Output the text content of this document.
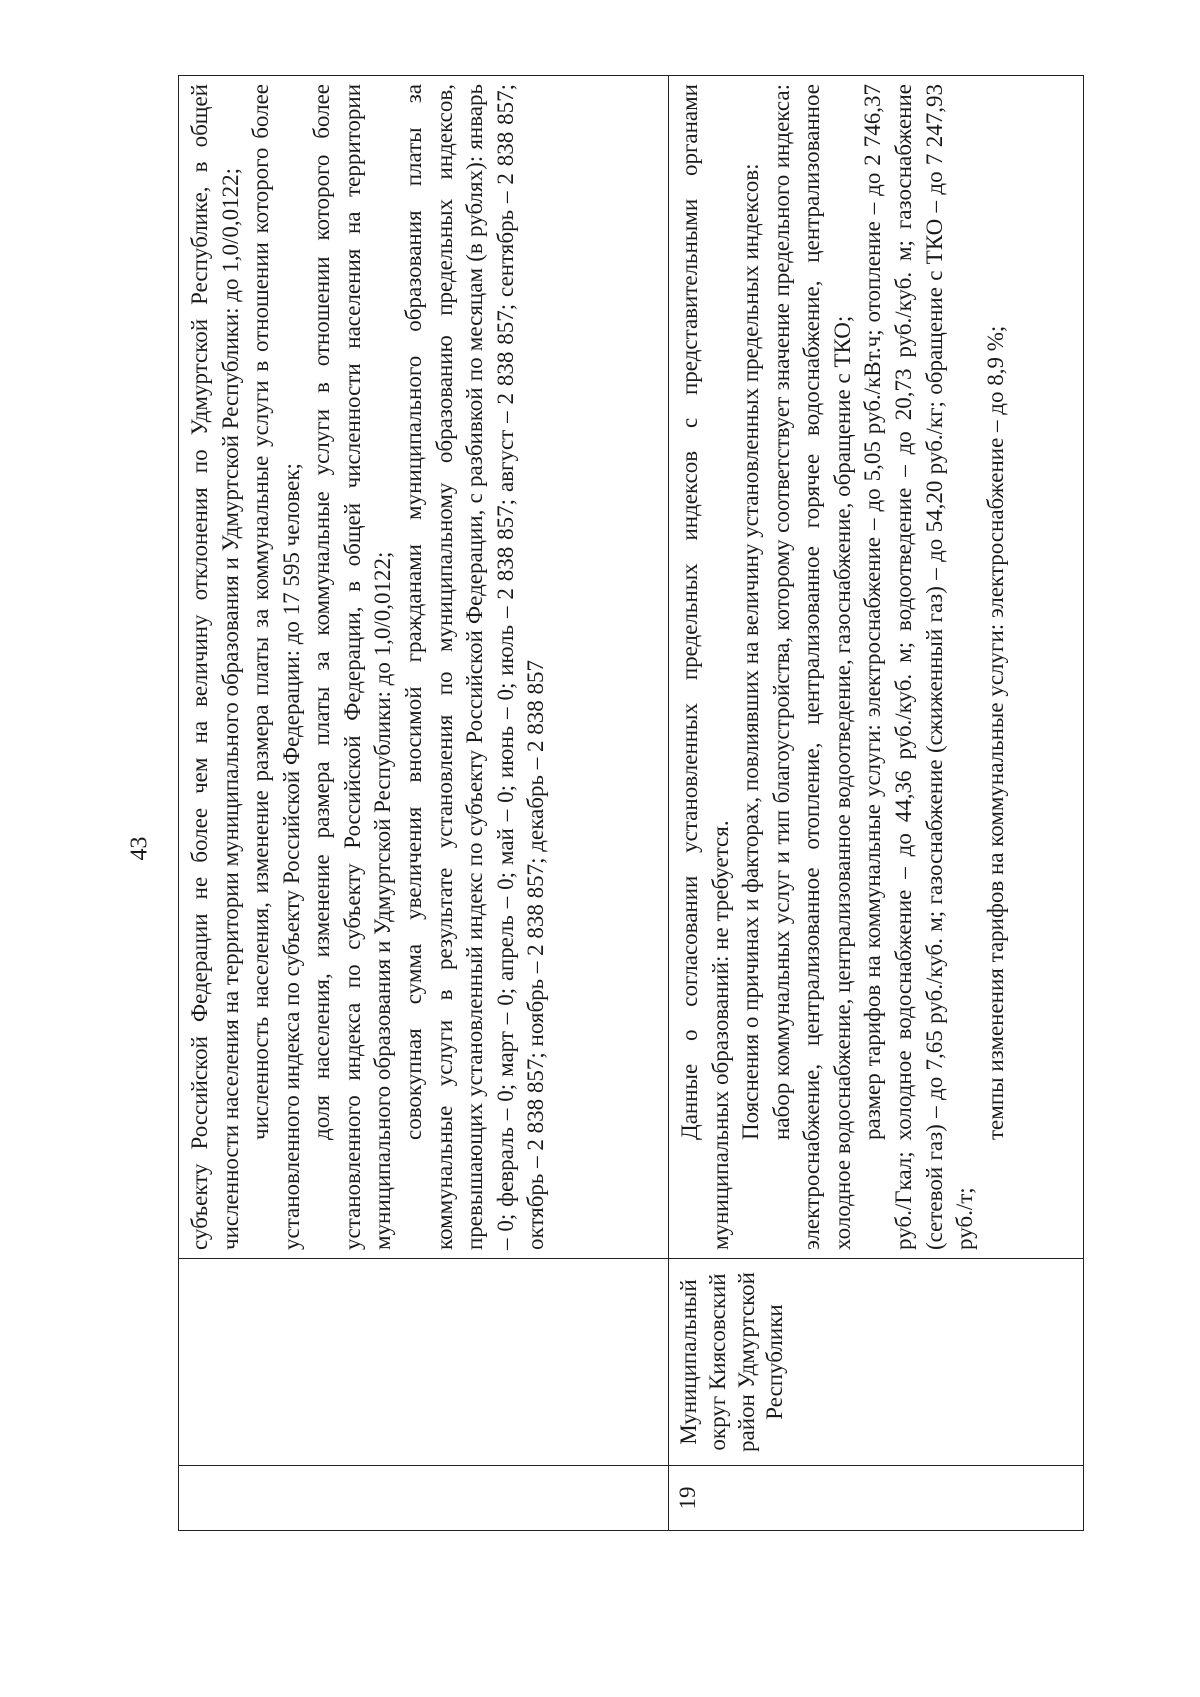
43

		субъекту Российской Федерации не более чем на величину отклонения по Удмуртской Республике, в общей численности населения на территории муниципального образования и Удмуртской Республики: до 1,0/0,0122; численность населения, изменение размера платы за коммунальные услуги в отношении которого более установленного индекса по субъекту Российской Федерации: до 17 595 человек; доля населения, изменение размера платы за коммунальные услуги в отношении которого более установленного индекса по субъекту Российской Федерации, в общей численности населения на территории муниципального образования и Удмуртской Республики: до 1,0/0,0122; совокупная сумма увеличения вносимой гражданами муниципального образования платы за коммунальные услуги в результате установления по муниципальному образованию предельных индексов, превышающих установленный индекс по субъекту Российской Федерации, с разбивкой по месяцам (в рублях): январь – 0; февраль – 0; март – 0; апрель – 0; май – 0; июнь – 0; июль – 2 838 857; август – 2 838 857; сентябрь – 2 838 857; октябрь – 2 838 857; ноябрь – 2 838 857; декабрь – 2 838 857

19	Муниципальный округ Киясовский район Удмуртской Республики	Данные о согласовании установленных предельных индексов с представительными органами муниципальных образований: не требуется. Пояснения о причинах и факторах, повлиявших на величину установленных предельных индексов: набор коммунальных услуг и тип благоустройства, которому соответствует значение предельного индекса: электроснабжение, централизованное отопление, централизованное горячее водоснабжение, централизованное холодное водоснабжение, централизованное водоотведение, газоснабжение, обращение с ТКО; размер тарифов на коммунальные услуги: электроснабжение – до 5,05 руб./кВт.ч; отопление – до 2 746,37 руб./Гкал; холодное водоснабжение – до 44,36 руб./куб. м; водоотведение – до 20,73 руб./куб. м; газоснабжение (сетевой газ) – до 7,65 руб./куб. м; газоснабжение (сжиженный газ) – до 54,20 руб./кг; обращение с ТКО – до 7 247,93 руб./т;

темпы изменения тарифов на коммунальные услуги: электроснабжение – до 8,9 %;
